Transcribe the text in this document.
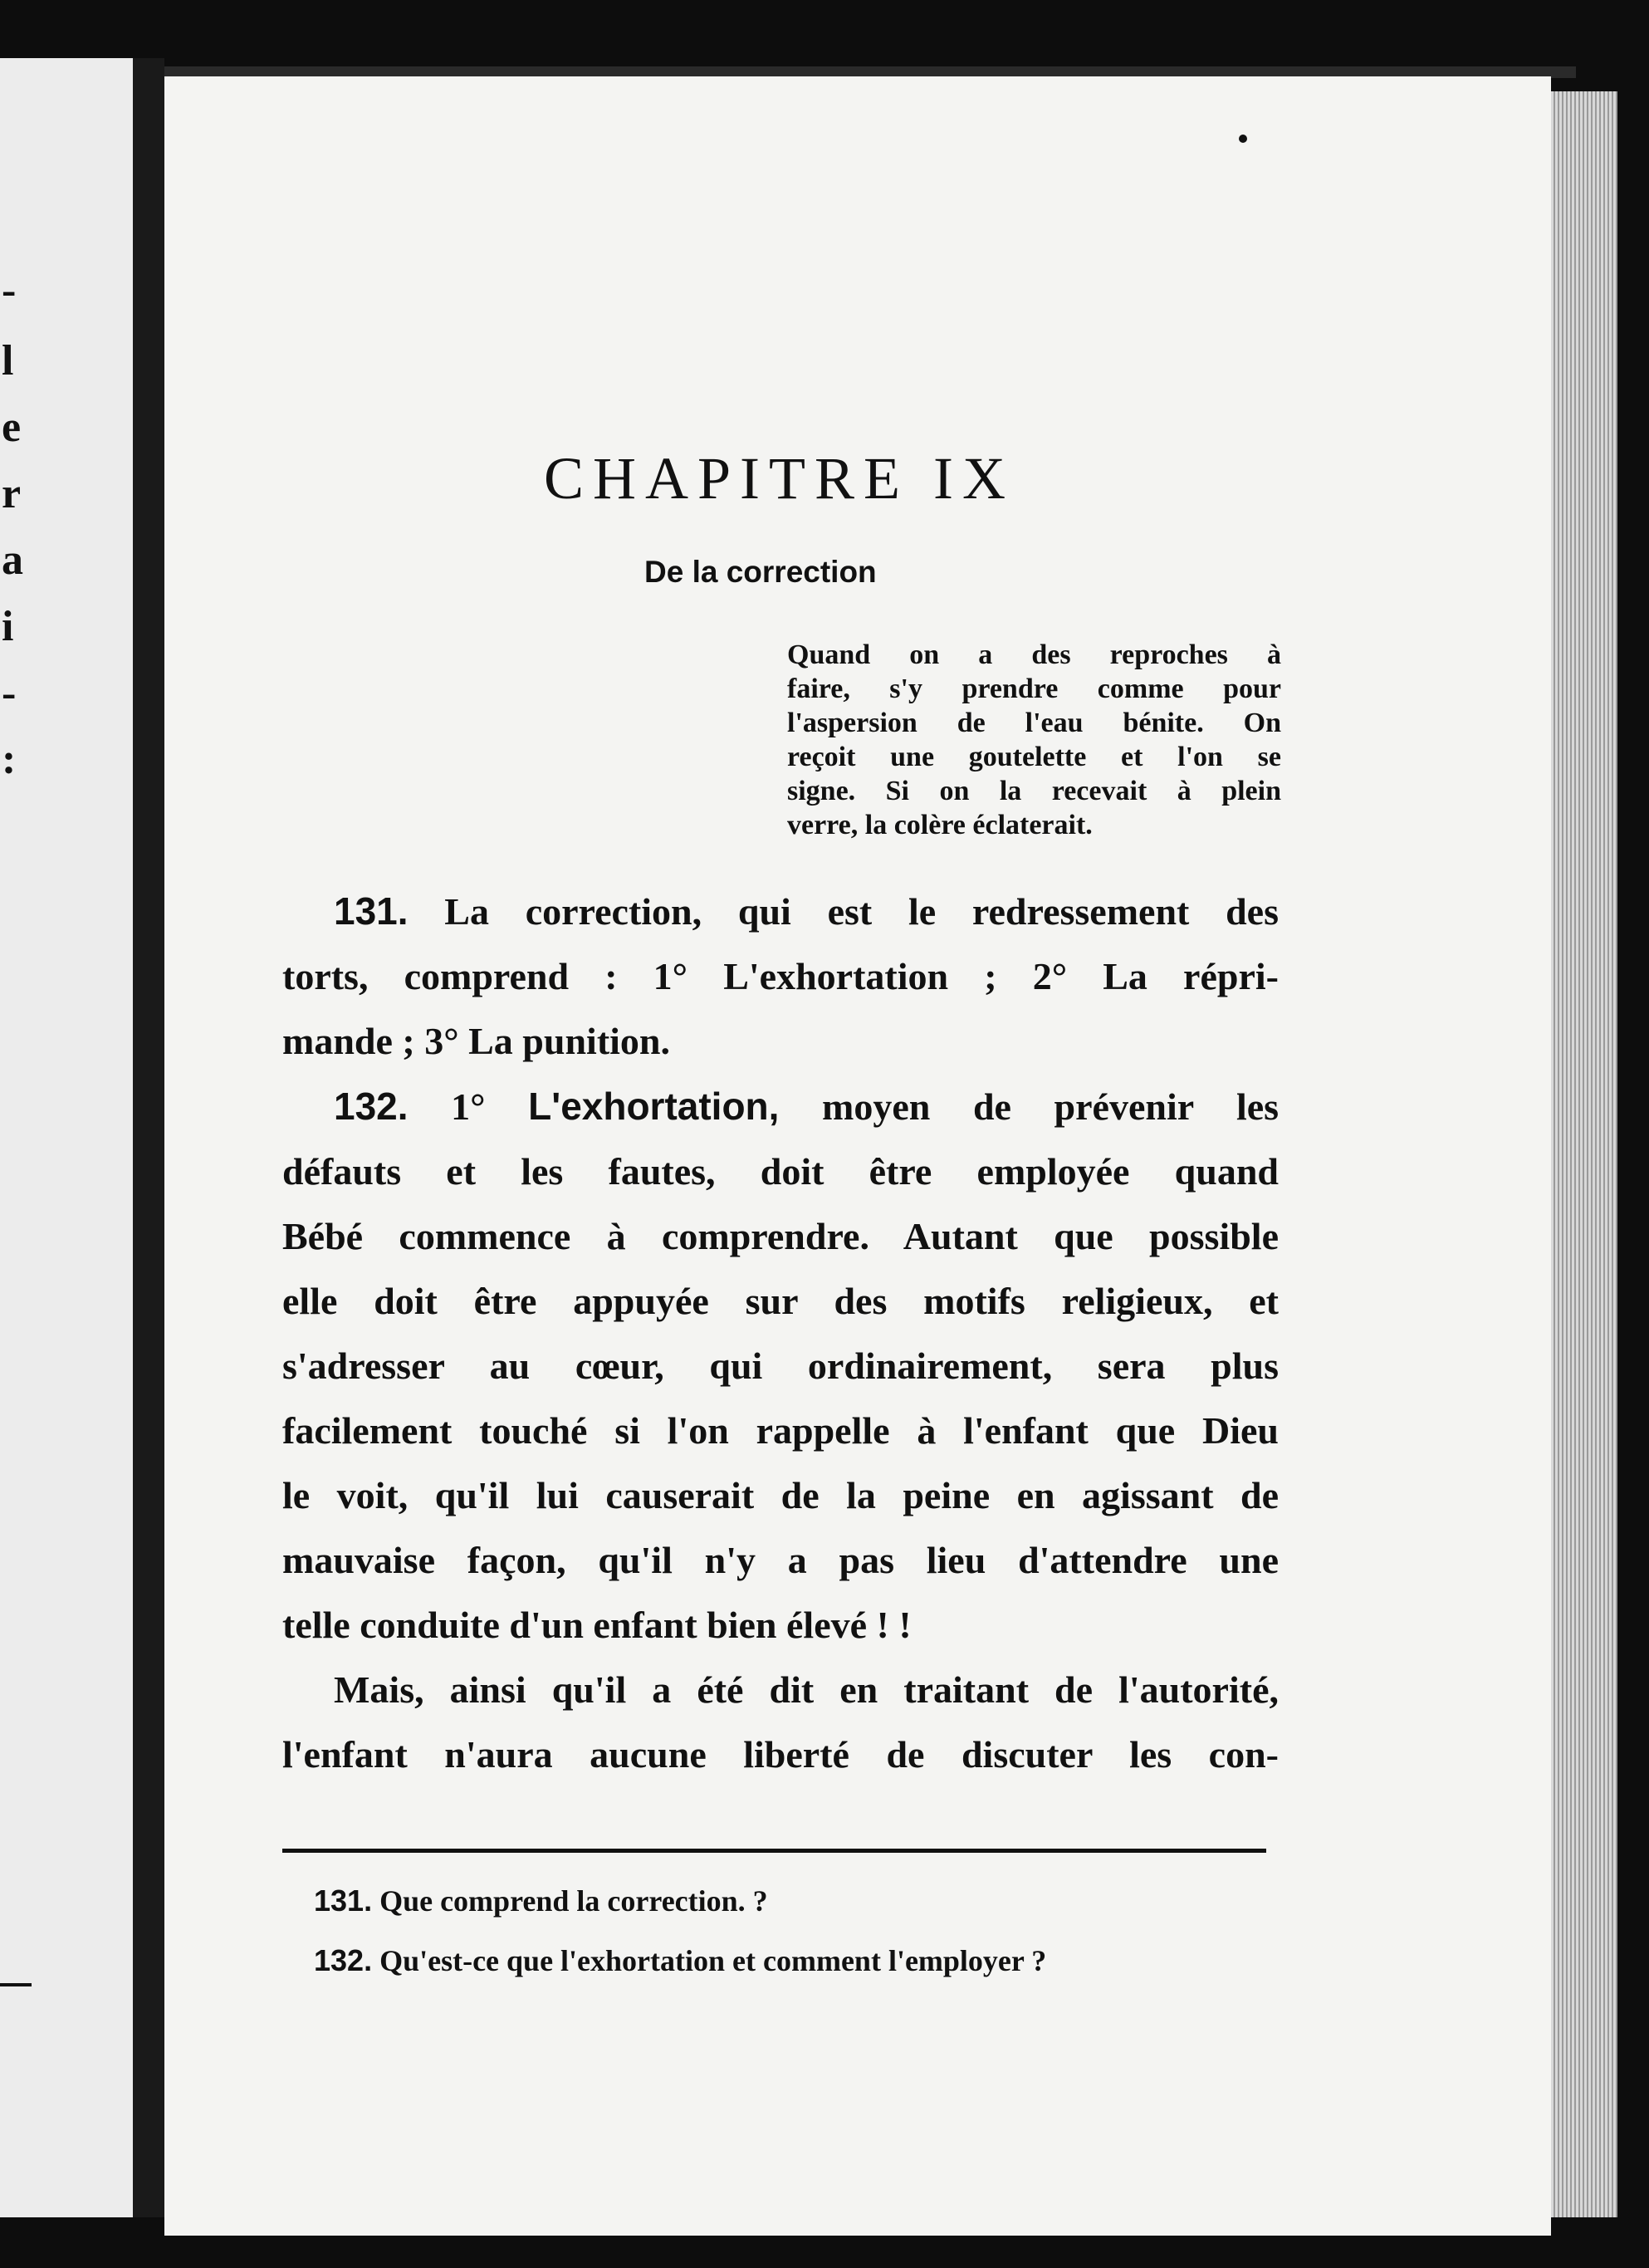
-
l
e
r
a
i
-
:
CHAPITRE IX
De la correction
Quand on a des reproches à
faire, s'y prendre comme pour
l'aspersion de l'eau bénite. On
reçoit une goutelette et l'on se
signe. Si on la recevait à plein
verre, la colère éclaterait.
131. La correction, qui est le redressement des
torts, comprend : 1° L'exhortation ; 2° La répri-
mande ; 3° La punition.
132. 1° L'exhortation, moyen de prévenir les
défauts et les fautes, doit être employée quand
Bébé commence à comprendre. Autant que possible
elle doit être appuyée sur des motifs religieux, et
s'adresser au cœur, qui ordinairement, sera plus
facilement touché si l'on rappelle à l'enfant que Dieu
le voit, qu'il lui causerait de la peine en agissant de
mauvaise façon, qu'il n'y a pas lieu d'attendre une
telle conduite d'un enfant bien élevé ! !
Mais, ainsi qu'il a été dit en traitant de l'autorité,
l'enfant n'aura aucune liberté de discuter les con-
131. Que comprend la correction. ?
132. Qu'est-ce que l'exhortation et comment l'employer ?
